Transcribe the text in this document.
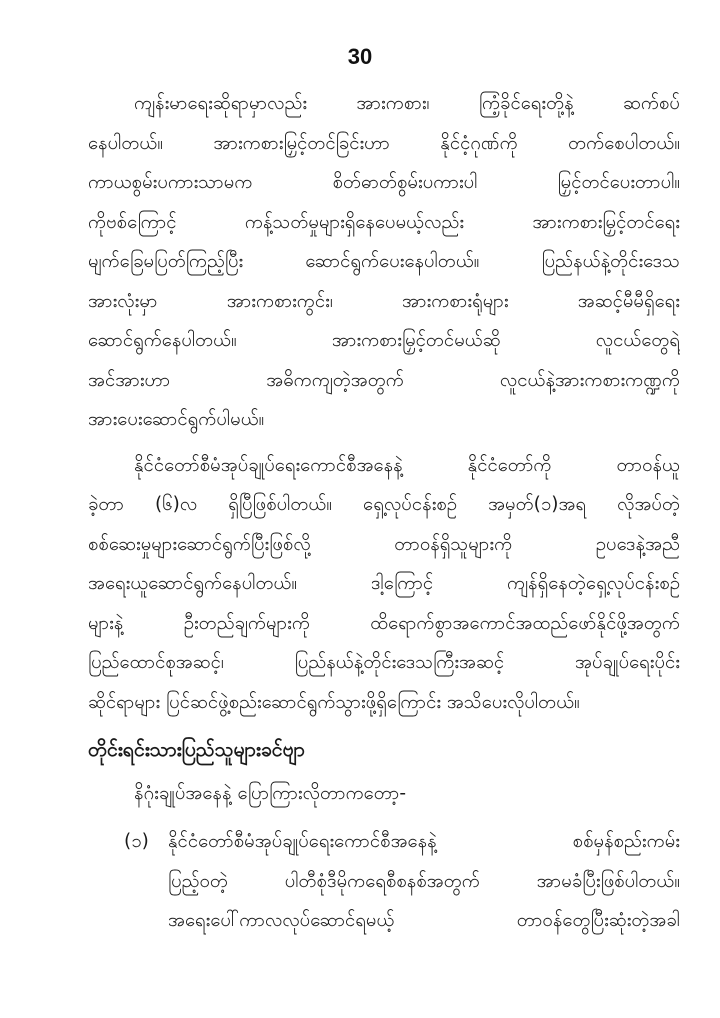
30

ကျန်းမာရေးဆိုရာမှာလည်း အားကစား၊ ကြံ့ခိုင်ရေးတို့နဲ့ ဆက်စပ်
နေပါတယ်။ အားကစားမြှင့်တင်ခြင်းဟာ နိုင်ငံ့ဂုဏ်ကို တက်စေပါတယ်။
ကာယစွမ်းပကားသာမက စိတ်ဓာတ်စွမ်းပကားပါ မြှင့်တင်ပေးတာပါ။
ကိုဗစ်ကြောင့် ကန့်သတ်မှုများရှိနေပေမယ့်လည်း အားကစားမြှင့်တင်ရေး
မျက်ခြေမပြတ်ကြည့်ပြီး ဆောင်ရွက်ပေးနေပါတယ်။ ပြည်နယ်နဲ့တိုင်းဒေသ
အားလုံးမှာ အားကစားကွင်း၊ အားကစားရုံများ အဆင့်မီမီရှိရေး
ဆောင်ရွက်နေပါတယ်။ အားကစားမြှင့်တင်မယ်ဆို လူငယ်တွေရဲ့
အင်အားဟာ အဓိကကျတဲ့အတွက် လူငယ်နဲ့အားကစားကဏ္ဍကို
အားပေးဆောင်ရွက်ပါမယ်။

နိုင်ငံတော်စီမံအုပ်ချုပ်ရေးကောင်စီအနေနဲ့ နိုင်ငံတော်ကို တာဝန်ယူ
ခဲ့တာ (၆)လ ရှိပြီဖြစ်ပါတယ်။ ရှေ့လုပ်ငန်းစဉ် အမှတ်(၁)အရ လိုအပ်တဲ့
စစ်ဆေးမှုများဆောင်ရွက်ပြီးဖြစ်လို့ တာဝန်ရှိသူများကို ဥပဒေနဲ့အညီ
အရေးယူဆောင်ရွက်နေပါတယ်။ ဒါ့ကြောင့် ကျန်ရှိနေတဲ့ရှေ့လုပ်ငန်းစဉ်
များနဲ့ ဦးတည်ချက်များကို ထိရောက်စွာအကောင်အထည်ဖော်နိုင်ဖို့အတွက်
ပြည်ထောင်စုအဆင့်၊ ပြည်နယ်နဲ့တိုင်းဒေသကြီးအဆင့် အုပ်ချုပ်ရေးပိုင်း
ဆိုင်ရာများ ပြင်ဆင်ဖွဲ့စည်းဆောင်ရွက်သွားဖို့ရှိကြောင်း အသိပေးလိုပါတယ်။

တိုင်းရင်းသားပြည်သူများခင်ဗျာ
နိဂုံးချုပ်အနေနဲ့ ပြောကြားလိုတာကတော့-
(၁)	နိုင်ငံတော်စီမံအုပ်ချုပ်ရေးကောင်စီအနေနဲ့ စစ်မှန်စည်းကမ်း
ပြည့်ဝတဲ့ ပါတီစုံဒီမိုကရေစီစနစ်အတွက် အာမခံပြီးဖြစ်ပါတယ်။
အရေးပေါ်ကာလလုပ်ဆောင်ရမယ့် တာဝန်တွေပြီးဆုံးတဲ့အခါ
